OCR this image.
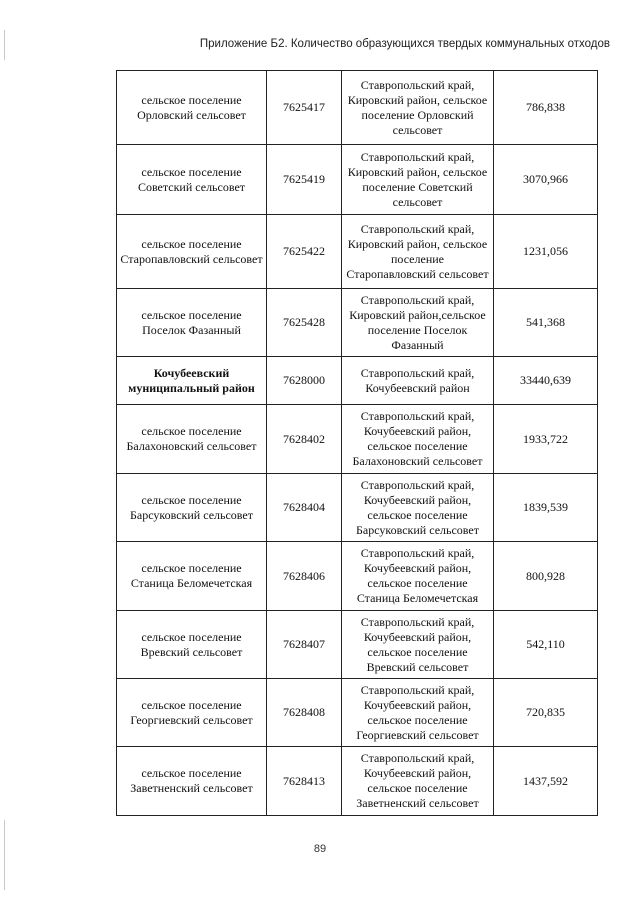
Приложение Б2. Количество образующихся твердых коммунальных отходов
сельское поселение Орловский сельсовет	7625417	Ставропольский край, Кировский район, сельское поселение Орловский сельсовет	786,838
сельское поселение Советский сельсовет	7625419	Ставропольский край, Кировский район, сельское поселение Советский сельсовет	3070,966
сельское поселение Старопавловский сельсовет	7625422	Ставропольский край, Кировский район, сельское поселение Старопавловский сельсовет	1231,056
сельское поселение Поселок Фазанный	7625428	Ставропольский край, Кировский район,сельское поселение Поселок Фазанный	541,368
Кочубеевский муниципальный район	7628000	Ставропольский край, Кочубеевский район	33440,639
сельское поселение Балахоновский сельсовет	7628402	Ставропольский край, Кочубеевский район, сельское поселение Балахоновский сельсовет	1933,722
сельское поселение Барсуковский сельсовет	7628404	Ставропольский край, Кочубеевский район, сельское поселение Барсуковский сельсовет	1839,539
сельское поселение Станица Беломечетская	7628406	Ставропольский край, Кочубеевский район, сельское поселение Станица Беломечетская	800,928
сельское поселение Вревский сельсовет	7628407	Ставропольский край, Кочубеевский район, сельское поселение Вревский сельсовет	542,110
сельское поселение Георгиевский сельсовет	7628408	Ставропольский край, Кочубеевский район, сельское поселение Георгиевский сельсовет	720,835
сельское поселение Заветненский сельсовет	7628413	Ставропольский край, Кочубеевский район, сельское поселение Заветненский сельсовет	1437,592
89
